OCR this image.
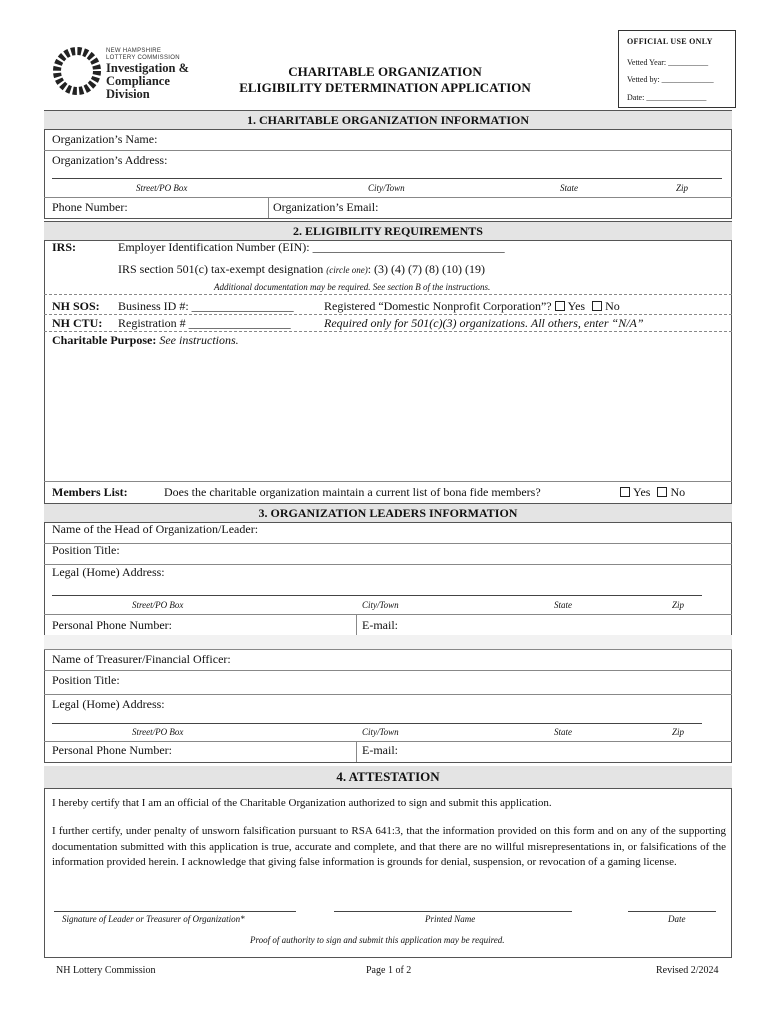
NEW HAMPSHIRE
LOTTERY COMMISSION
Investigation &
Compliance Division
CHARITABLE ORGANIZATION
ELIGIBILITY DETERMINATION APPLICATION
OFFICIAL USE ONLY
Vetted Year: __________
Vetted by: _____________
Date: _______________
1. CHARITABLE ORGANIZATION INFORMATION
Organization’s Name:
Organization’s Address:
Street/PO Box	City/Town	State	Zip
Phone Number:	Organization’s Email:
2. ELIGIBILITY REQUIREMENTS
IRS:	Employer Identification Number (EIN): ________________________________
IRS section 501(c) tax-exempt designation (circle one): (3) (4) (7) (8) (10) (19)
Additional documentation may be required. See section B of the instructions.
NH SOS: Business ID #: _________________	Registered “Domestic Nonprofit Corporation”? Yes No
NH CTU: Registration # _________________	Required only for 501(c)(3) organizations. All others, enter “N/A”
Charitable Purpose: See instructions.
Members List:	Does the charitable organization maintain a current list of bona fide members?	Yes No
3. ORGANIZATION LEADERS INFORMATION
Name of the Head of Organization/Leader:
Position Title:
Legal (Home) Address:
Street/PO Box	City/Town	State	Zip
Personal Phone Number:	E-mail:
Name of Treasurer/Financial Officer:
Position Title:
Legal (Home) Address:
Street/PO Box	City/Town	State	Zip
Personal Phone Number:	E-mail:
4. ATTESTATION
I hereby certify that I am an official of the Charitable Organization authorized to sign and submit this application.
I further certify, under penalty of unsworn falsification pursuant to RSA 641:3, that the information provided on this form and on any of the supporting documentation submitted with this application is true, accurate and complete, and that there are no willful misrepresentations in, or falsifications of the information provided herein. I acknowledge that giving false information is grounds for denial, suspension, or revocation of a gaming license.
Signature of Leader or Treasurer of Organization*	Printed Name	Date
Proof of authority to sign and submit this application may be required.
NH Lottery Commission	Page 1 of 2	Revised 2/2024
